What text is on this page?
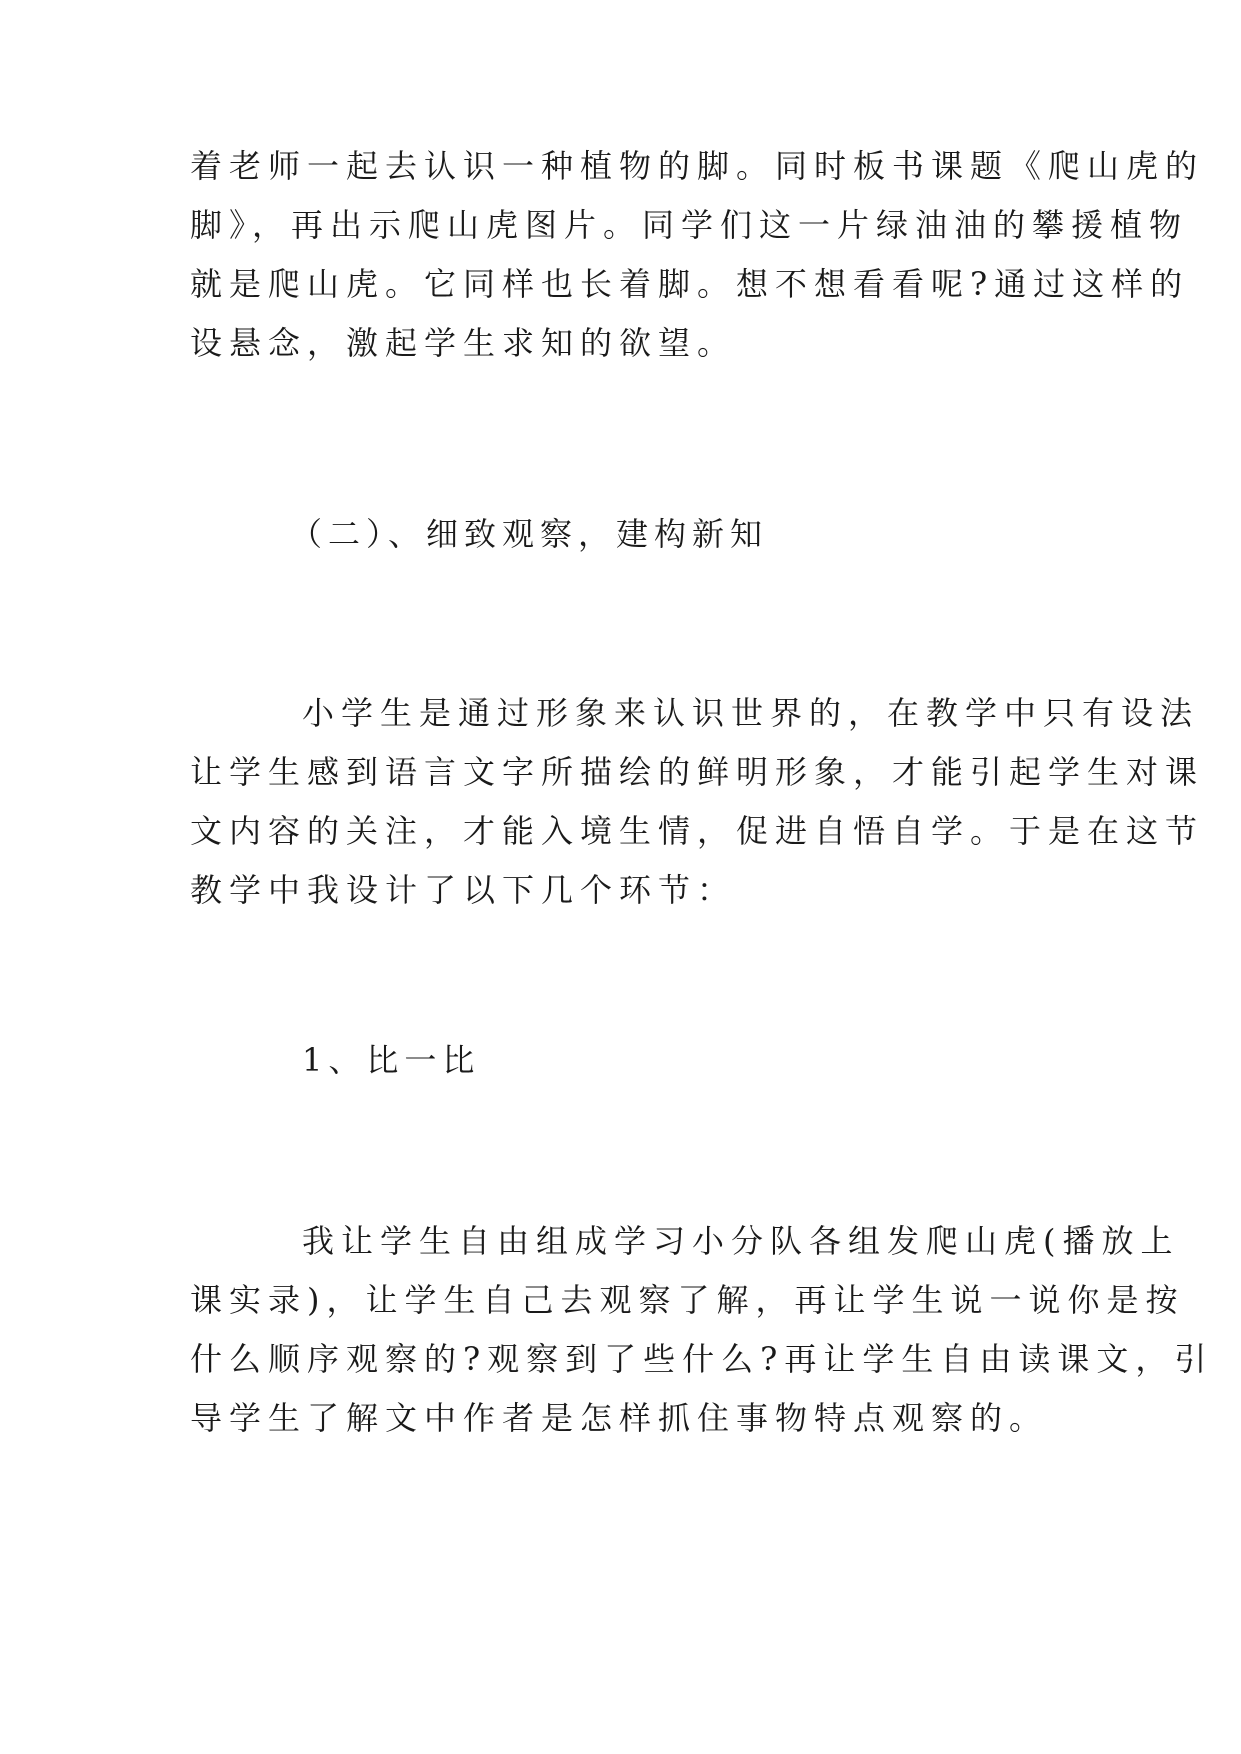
着老师一起去认识一种植物的脚。同时板书课题《爬山虎的
脚》，再出示爬山虎图片。同学们这一片绿油油的攀援植物
就是爬山虎。它同样也长着脚。想不想看看呢?通过这样的
设悬念，激起学生求知的欲望。
（二）、细致观察，建构新知
小学生是通过形象来认识世界的，在教学中只有设法
让学生感到语言文字所描绘的鲜明形象，才能引起学生对课
文内容的关注，才能入境生情，促进自悟自学。于是在这节
教学中我设计了以下几个环节：
1、比一比
我让学生自由组成学习小分队各组发爬山虎(播放上
课实录)，让学生自己去观察了解，再让学生说一说你是按
什么顺序观察的?观察到了些什么?再让学生自由读课文，引
导学生了解文中作者是怎样抓住事物特点观察的。
